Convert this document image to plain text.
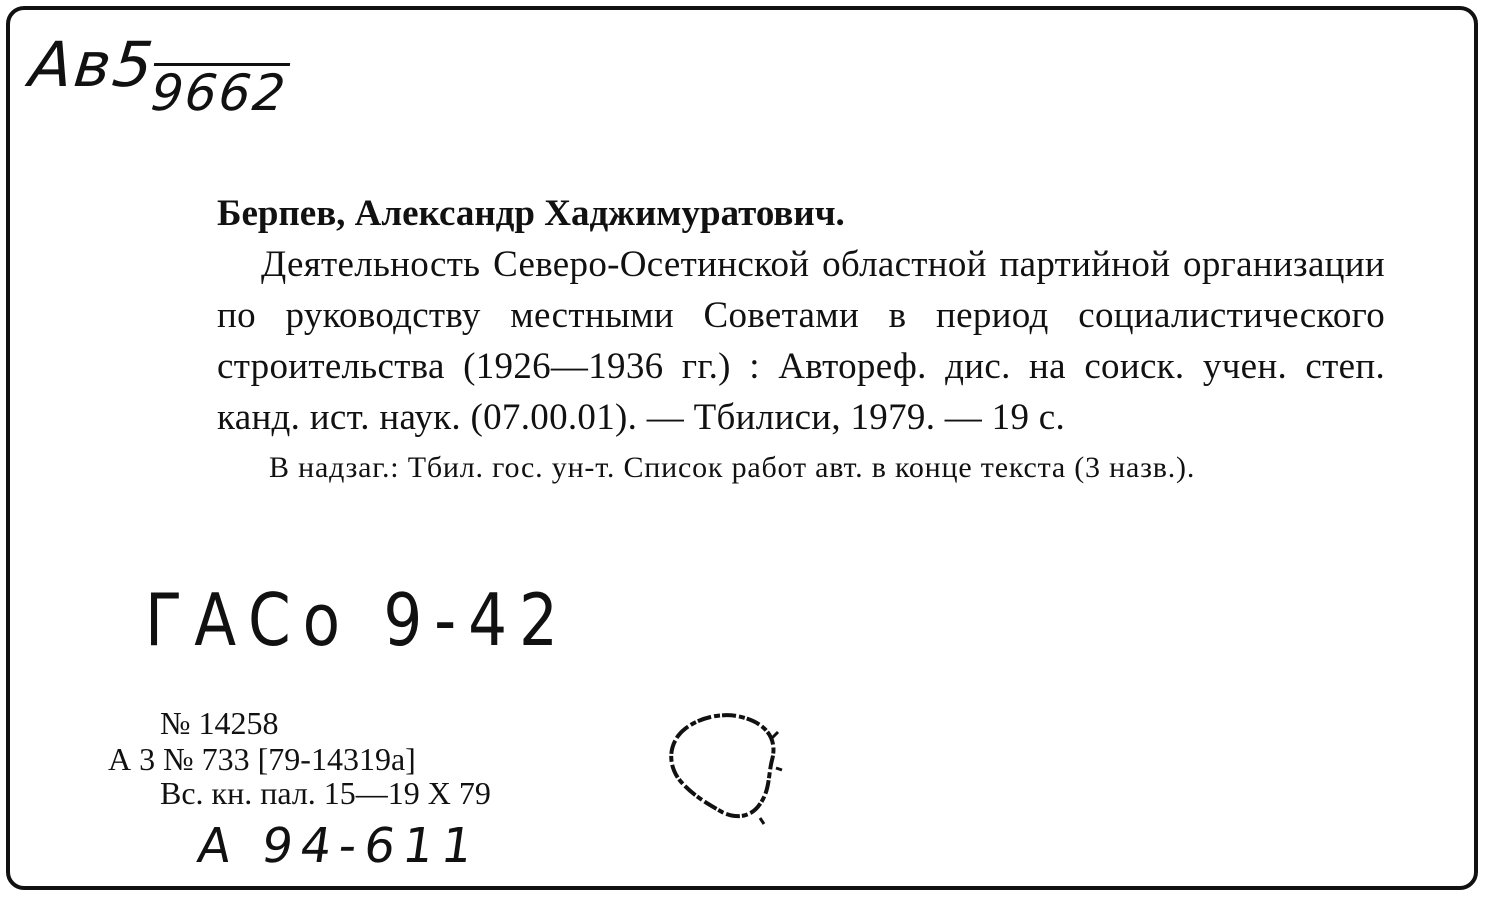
Ав59662

Берпев, Александр Хаджимуратович.

Деятельность Северо-Осетинской областной партийной организации по руководству местными Советами в период социалистического строительства (1926—1936 гг.) : Автореф. дис. на соиск. учен. степ. канд. ист. наук. (07.00.01). — Тбилиси, 1979. — 19 с.

В надзаг.: Тбил. гос. ун-т. Список работ авт. в конце текста (3 назв.).

ГАСо 9-42
№ 14258
А 3 № 733 [79-14319а]
Вс. кн. пал. 15—19 Х 79
А 94-611
